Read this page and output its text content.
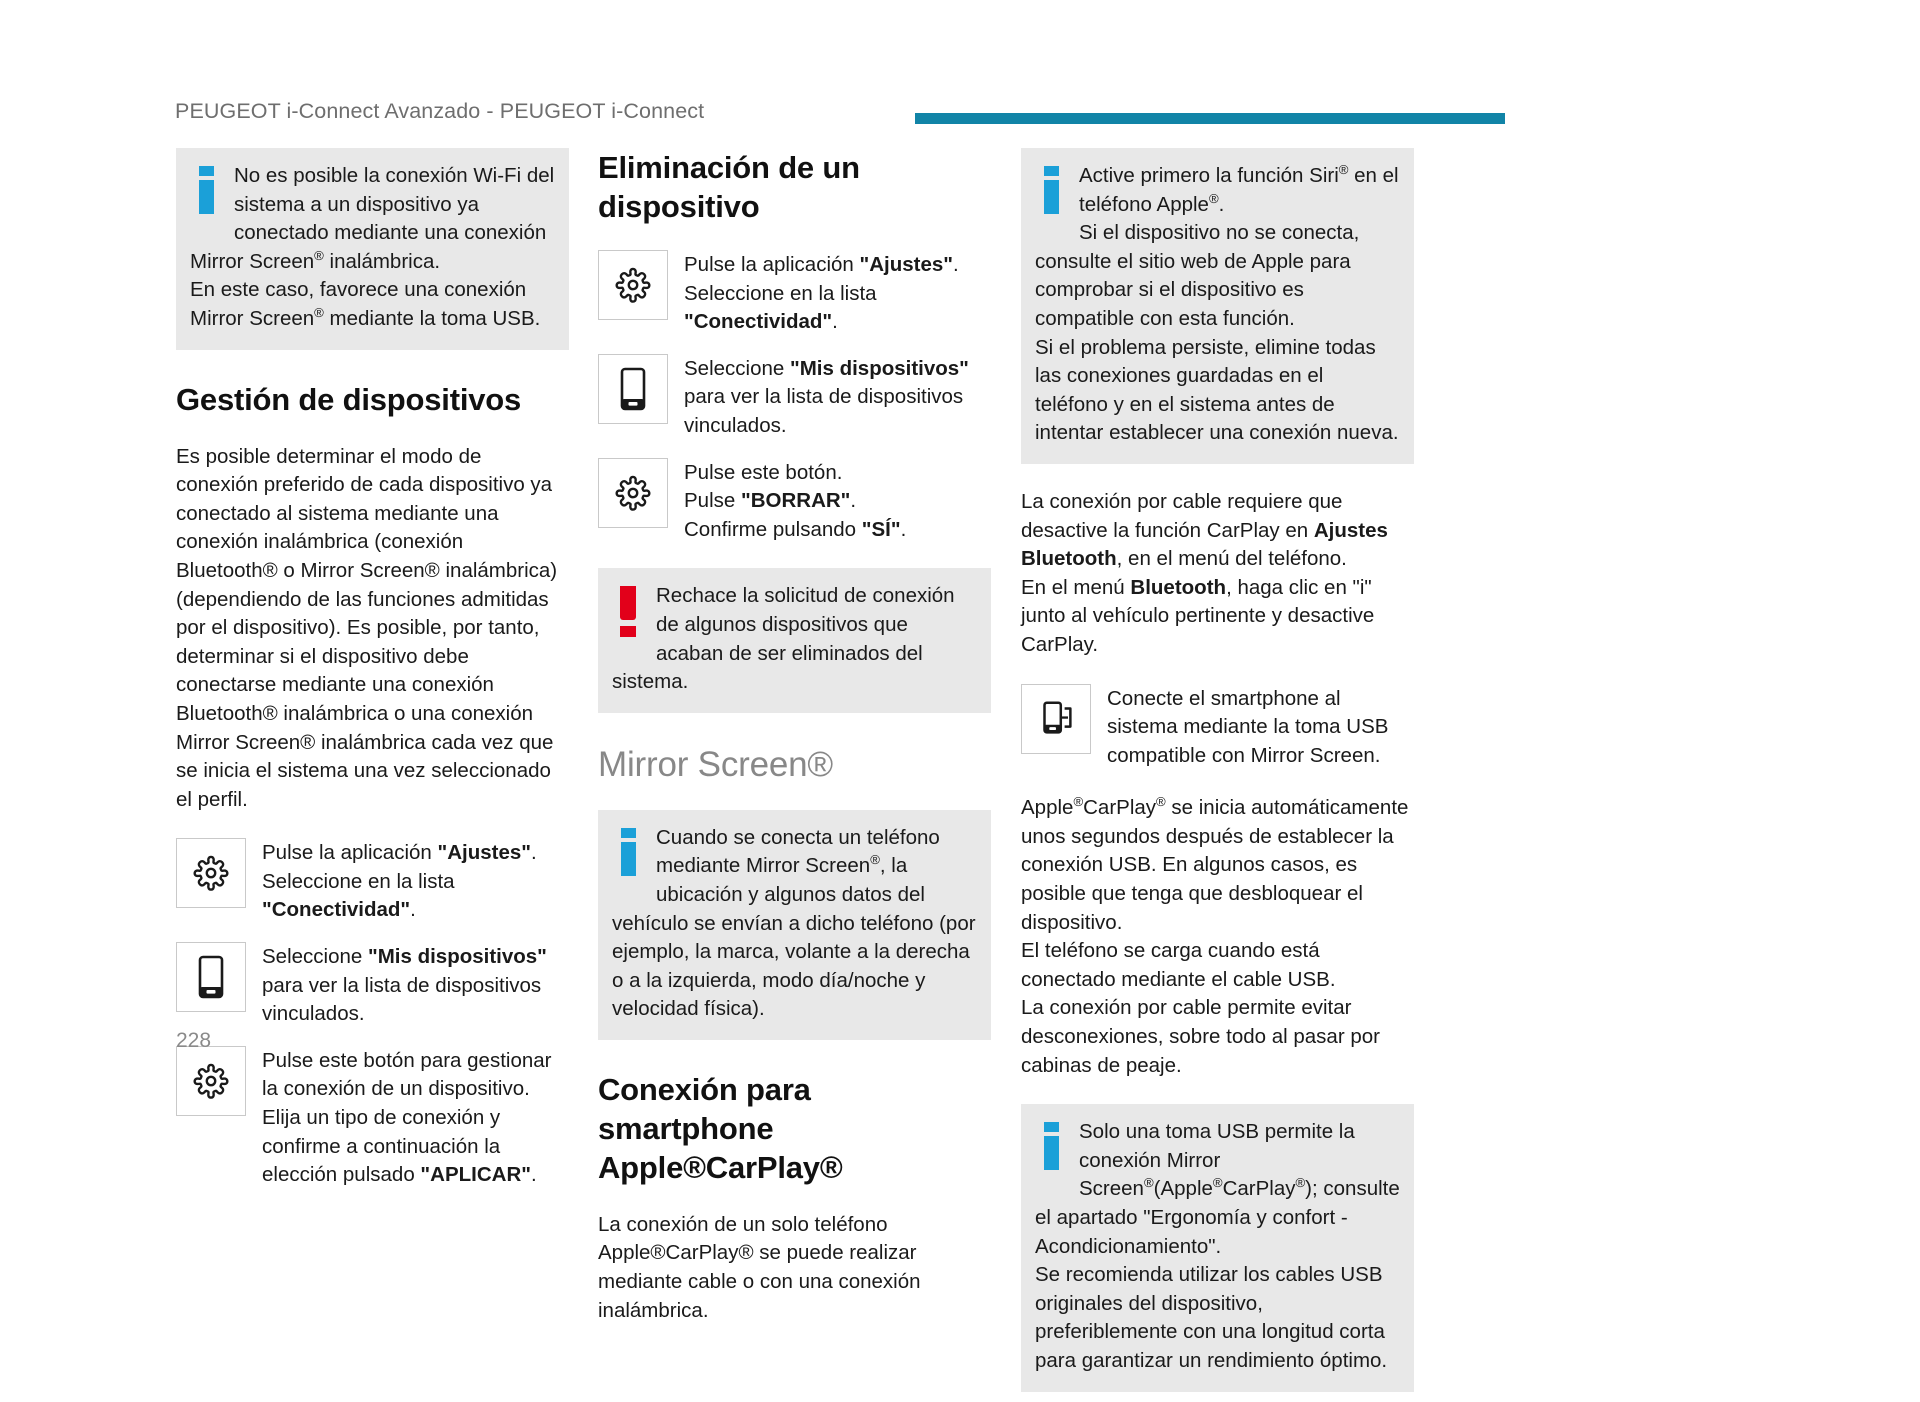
PEUGEOT i-Connect Avanzado - PEUGEOT i-Connect

No es posible la conexión Wi-Fi del sistema a un dispositivo ya conectado mediante una conexión Mirror Screen® inalámbrica.
En este caso, favorece una conexión Mirror Screen® mediante la toma USB.

Gestión de dispositivos

Es posible determinar el modo de conexión preferido de cada dispositivo ya conectado al sistema mediante una conexión inalámbrica (conexión Bluetooth® o Mirror Screen® inalámbrica) (dependiendo de las funciones admitidas por el dispositivo). Es posible, por tanto, determinar si el dispositivo debe conectarse mediante una conexión Bluetooth® inalámbrica o una conexión Mirror Screen® inalámbrica cada vez que se inicia el sistema una vez seleccionado el perfil.

Pulse la aplicación "Ajustes".
Seleccione en la lista
"Conectividad".
Seleccione "Mis dispositivos" para ver la lista de dispositivos vinculados.
Pulse este botón para gestionar la conexión de un dispositivo.
Elija un tipo de conexión y confirme a continuación la elección pulsado "APLICAR".
Eliminación de un dispositivo
Pulse la aplicación "Ajustes".
Seleccione en la lista
"Conectividad".
Seleccione "Mis dispositivos" para ver la lista de dispositivos vinculados.
Pulse este botón.
Pulse "BORRAR".
Confirme pulsando "SÍ".

Rechace la solicitud de conexión de algunos dispositivos que acaban de ser eliminados del sistema.

Mirror Screen®

Cuando se conecta un teléfono mediante Mirror Screen®, la ubicación y algunos datos del vehículo se envían a dicho teléfono (por ejemplo, la marca, volante a la derecha o a la izquierda, modo día/noche y velocidad física).

Conexión para smartphone Apple®CarPlay®

La conexión de un solo teléfono Apple®CarPlay® se puede realizar mediante cable o con una conexión inalámbrica.

Active primero la función Siri® en el teléfono Apple®.
Si el dispositivo no se conecta, consulte el sitio web de Apple para comprobar si el dispositivo es compatible con esta función.
Si el problema persiste, elimine todas las conexiones guardadas en el teléfono y en el sistema antes de intentar establecer una conexión nueva.

La conexión por cable requiere que desactive la función CarPlay en Ajustes Bluetooth, en el menú del teléfono.
En el menú Bluetooth, haga clic en "i" junto al vehículo pertinente y desactive CarPlay.

Conecte el smartphone al sistema mediante la toma USB compatible con Mirror Screen.

Apple®CarPlay® se inicia automáticamente unos segundos después de establecer la conexión USB. En algunos casos, es posible que tenga que desbloquear el dispositivo.
El teléfono se carga cuando está conectado mediante el cable USB.
La conexión por cable permite evitar desconexiones, sobre todo al pasar por cabinas de peaje.

Solo una toma USB permite la conexión Mirror Screen®(Apple®CarPlay®); consulte el apartado "Ergonomía y confort - Acondicionamiento".
Se recomienda utilizar los cables USB originales del dispositivo, preferiblemente con una longitud corta para garantizar un rendimiento óptimo.

228
